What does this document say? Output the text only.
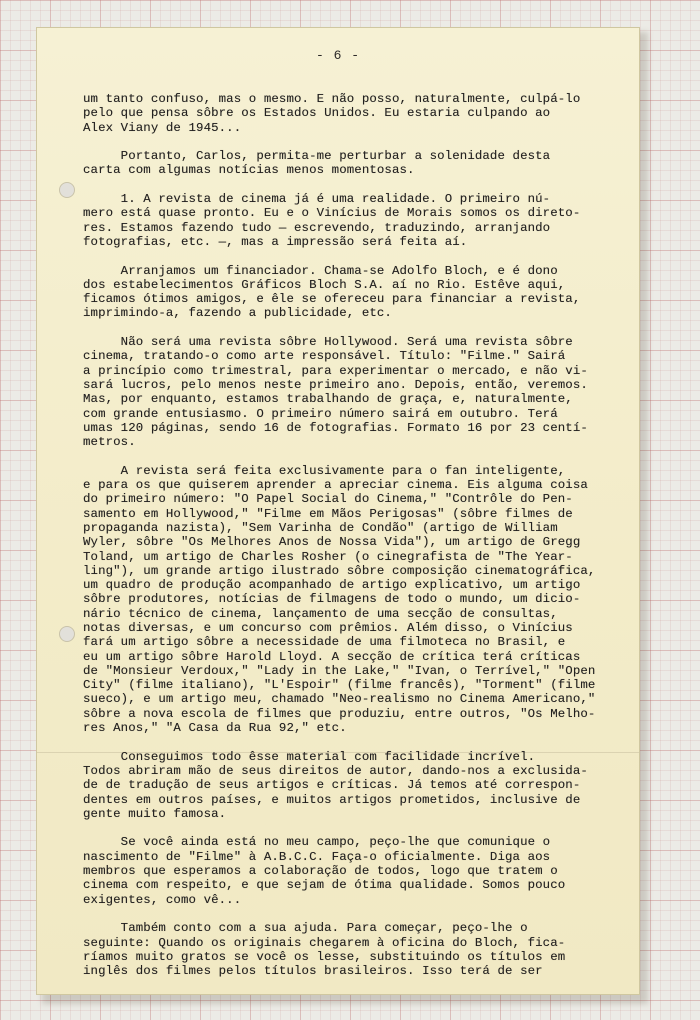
- 6 -
um tanto confuso, mas o mesmo. E não posso, naturalmente, culpá-lo
pelo que pensa sôbre os Estados Unidos. Eu estaria culpando ao
Alex Viany de 1945...
Portanto, Carlos, permita-me perturbar a solenidade desta
carta com algumas notícias menos momentosas.
1. A revista de cinema já é uma realidade. O primeiro nú-
mero está quase pronto. Eu e o Vinícius de Morais somos os direto-
res. Estamos fazendo tudo — escrevendo, traduzindo, arranjando
fotografias, etc. —, mas a impressão será feita aí.
Arranjamos um financiador. Chama-se Adolfo Bloch, e é dono
dos estabelecimentos Gráficos Bloch S.A. aí no Rio. Estêve aqui,
ficamos ótimos amigos, e êle se ofereceu para financiar a revista,
imprimindo-a, fazendo a publicidade, etc.
Não será uma revista sôbre Hollywood. Será uma revista sôbre
cinema, tratando-o como arte responsável. Título: "Filme." Sairá
a princípio como trimestral, para experimentar o mercado, e não vi-
sará lucros, pelo menos neste primeiro ano. Depois, então, veremos.
Mas, por enquanto, estamos trabalhando de graça, e, naturalmente,
com grande entusiasmo. O primeiro número sairá em outubro. Terá
umas 120 páginas, sendo 16 de fotografias. Formato 16 por 23 centí-
metros.
A revista será feita exclusivamente para o fan inteligente,
e para os que quiserem aprender a apreciar cinema. Eis alguma coisa
do primeiro número: "O Papel Social do Cinema," "Contrôle do Pen-
samento em Hollywood," "Filme em Mãos Perigosas" (sôbre filmes de
propaganda nazista), "Sem Varinha de Condão" (artigo de William
Wyler, sôbre "Os Melhores Anos de Nossa Vida"), um artigo de Gregg
Toland, um artigo de Charles Rosher (o cinegrafista de "The Year-
ling"), um grande artigo ilustrado sôbre composição cinematográfica,
um quadro de produção acompanhado de artigo explicativo, um artigo
sôbre produtores, notícias de filmagens de todo o mundo, um dicio-
nário técnico de cinema, lançamento de uma secção de consultas,
notas diversas, e um concurso com prêmios. Além disso, o Vinícius
fará um artigo sôbre a necessidade de uma filmoteca no Brasil, e
eu um artigo sôbre Harold Lloyd. A secção de crítica terá críticas
de "Monsieur Verdoux," "Lady in the Lake," "Ivan, o Terrível," "Open
City" (filme italiano), "L'Espoir" (filme francês), "Torment" (filme
sueco), e um artigo meu, chamado "Neo-realismo no Cinema Americano,"
sôbre a nova escola de filmes que produziu, entre outros, "Os Melho-
res Anos," "A Casa da Rua 92," etc.
Conseguimos todo êsse material com facilidade incrível.
Todos abriram mão de seus direitos de autor, dando-nos a exclusida-
de de tradução de seus artigos e críticas. Já temos até correspon-
dentes em outros países, e muitos artigos prometidos, inclusive de
gente muito famosa.
Se você ainda está no meu campo, peço-lhe que comunique o
nascimento de "Filme" à A.B.C.C. Faça-o oficialmente. Diga aos
membros que esperamos a colaboração de todos, logo que tratem o
cinema com respeito, e que sejam de ótima qualidade. Somos pouco
exigentes, como vê...
Também conto com a sua ajuda. Para começar, peço-lhe o
seguinte: Quando os originais chegarem à oficina do Bloch, fica-
ríamos muito gratos se você os lesse, substituindo os títulos em
inglês dos filmes pelos títulos brasileiros. Isso terá de ser
